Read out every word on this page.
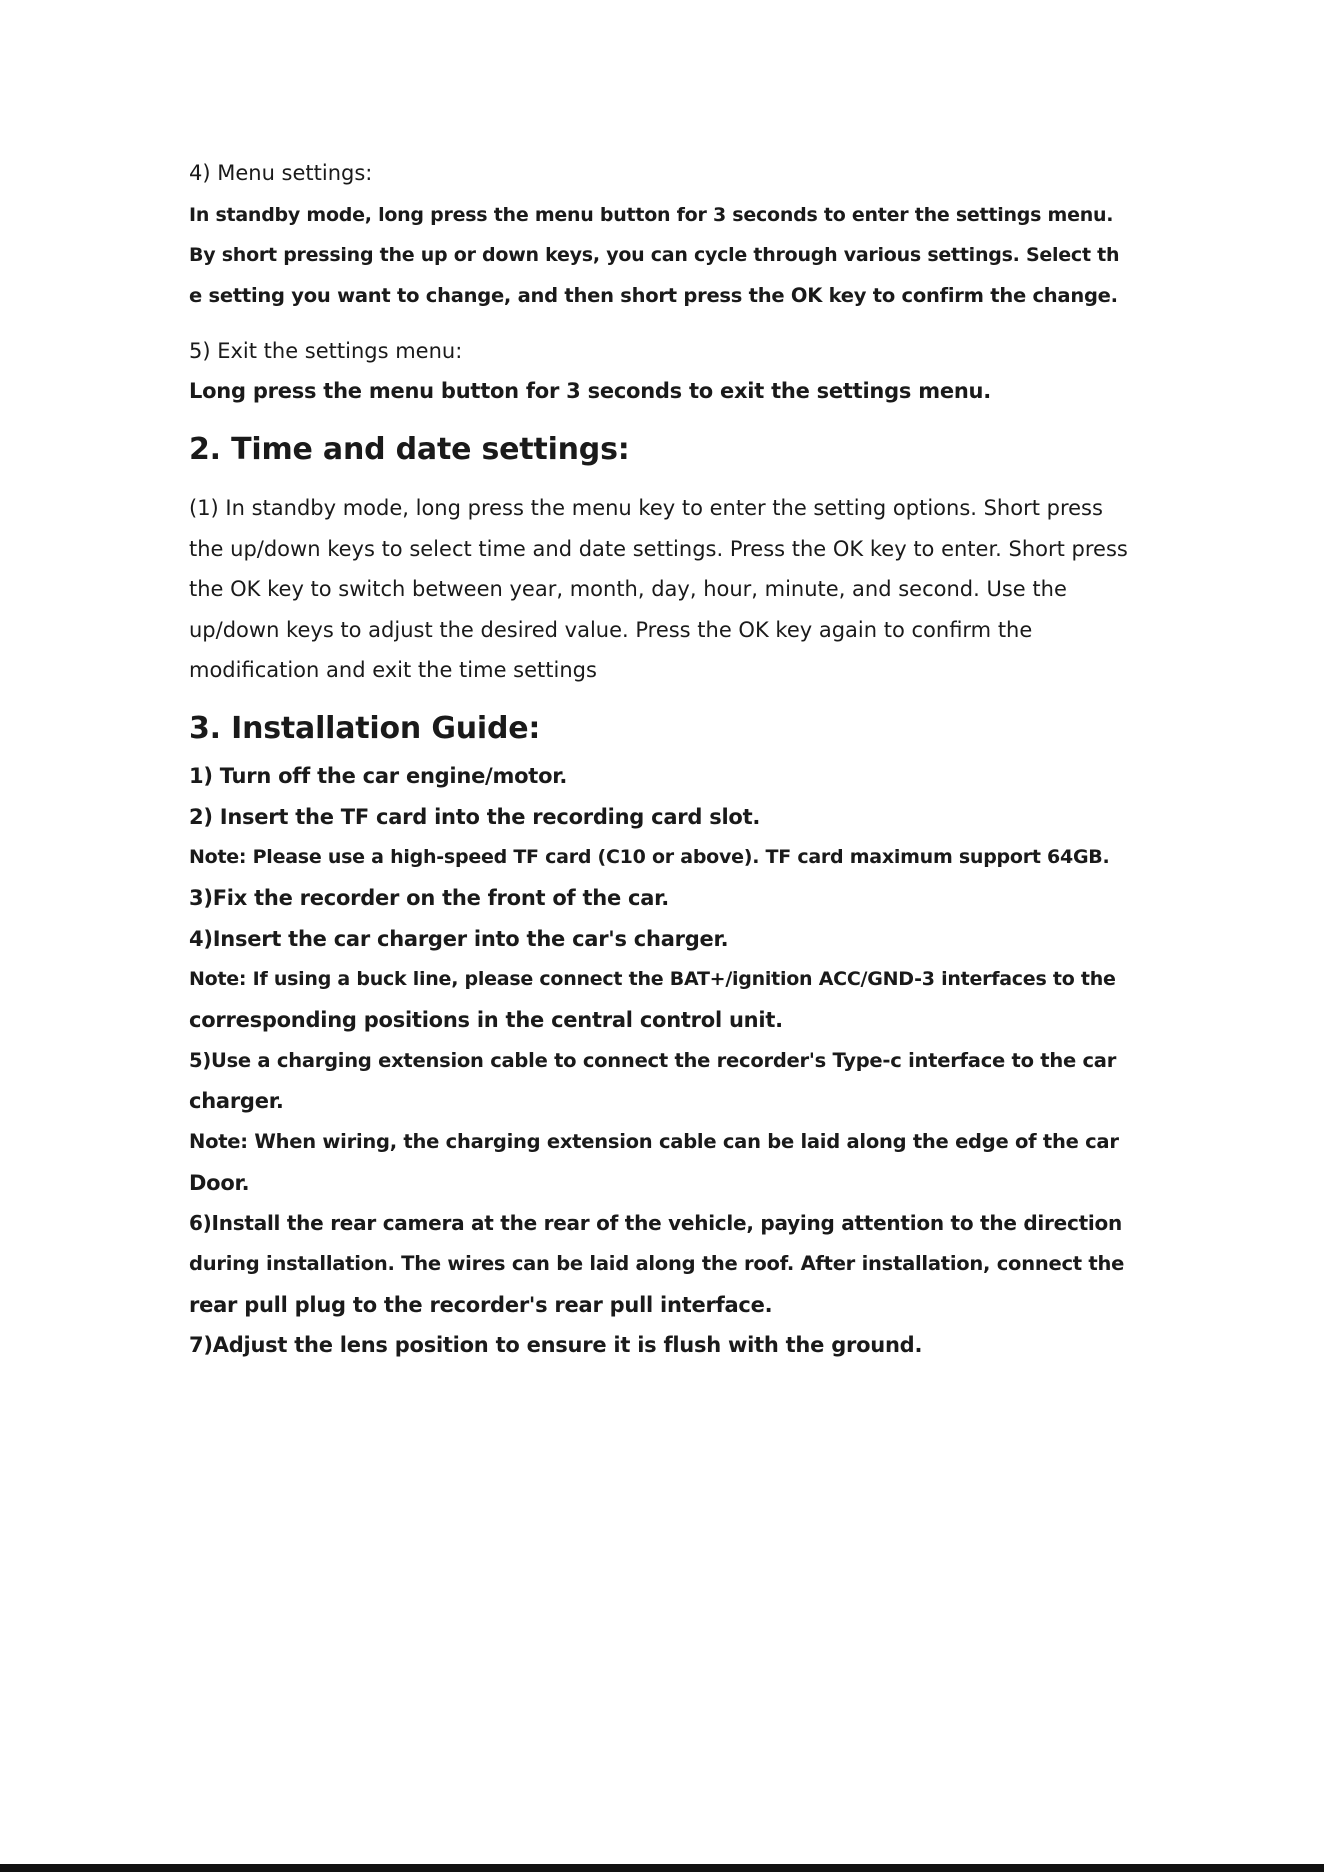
4) Menu settings:
In standby mode, long press the menu button for 3 seconds to enter the settings menu.
By short pressing the up or down keys, you can cycle through various settings. Select th
e setting you want to change, and then short press the OK key to confirm the change.
5) Exit the settings menu:
Long press the menu button for 3 seconds to exit the settings menu.
2. Time and date settings:
(1) In standby mode, long press the menu key to enter the setting options. Short press
the up/down keys to select time and date settings. Press the OK key to enter. Short press
the OK key to switch between year, month, day, hour, minute, and second. Use the
up/down keys to adjust the desired value. Press the OK key again to confirm the
modification and exit the time settings
3. Installation Guide:
1) Turn off the car engine/motor.
2) Insert the TF card into the recording card slot.
Note: Please use a high-speed TF card (C10 or above). TF card maximum support 64GB.
3)Fix the recorder on the front of the car.
4)Insert the car charger into the car's charger.
Note: If using a buck line, please connect the BAT+/ignition ACC/GND-3 interfaces to the
corresponding positions in the central control unit.
5)Use a charging extension cable to connect the recorder's Type-c interface to the car
charger.
Note: When wiring, the charging extension cable can be laid along the edge of the car
Door.
6)Install the rear camera at the rear of the vehicle, paying attention to the direction
during installation. The wires can be laid along the roof. After installation, connect the
rear pull plug to the recorder's rear pull interface.
7)Adjust the lens position to ensure it is flush with the ground.
